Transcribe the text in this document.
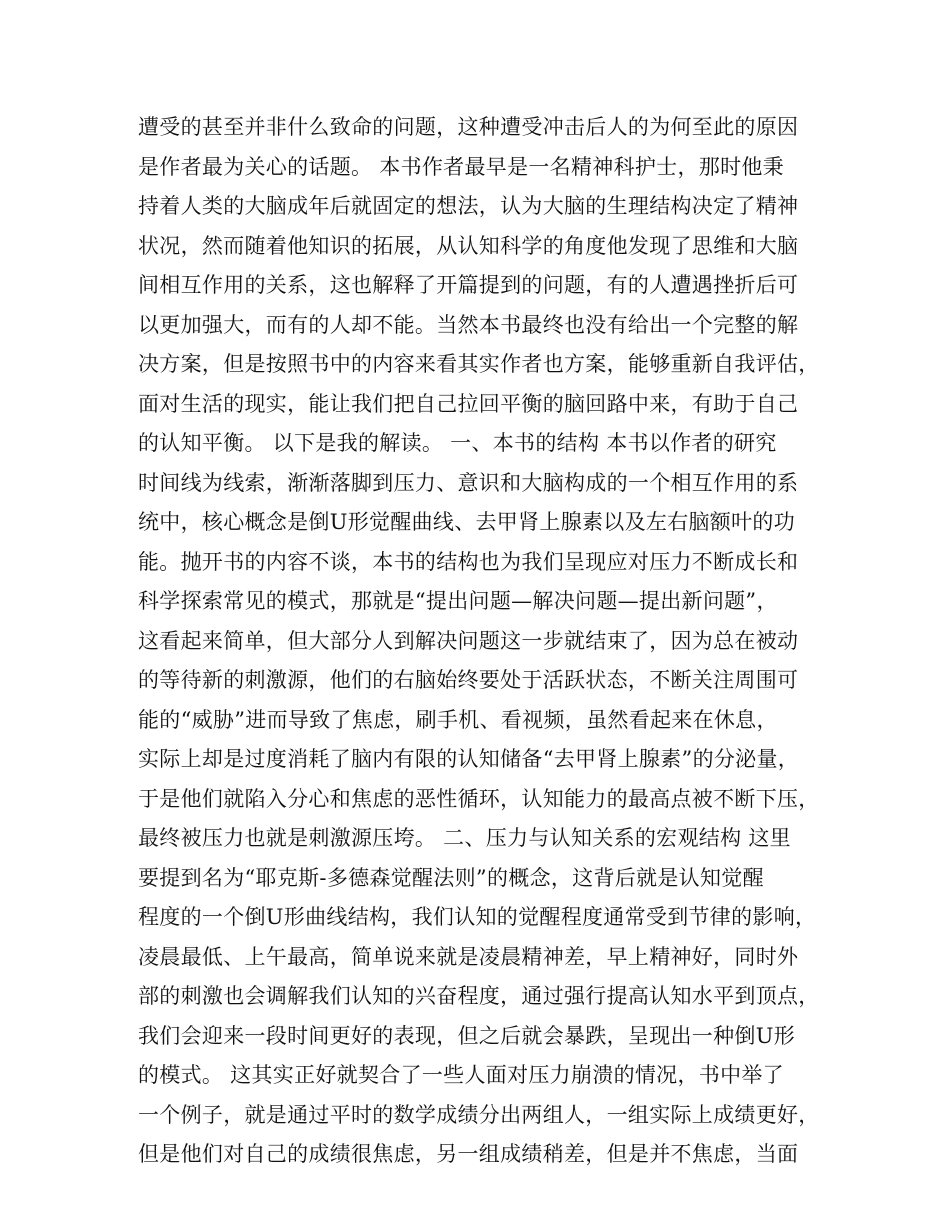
遭受的甚至并非什么致命的问题，这种遭受冲击后人的为何至此的原因
是作者最为关心的话题。 本书作者最早是一名精神科护士，那时他秉
持着人类的大脑成年后就固定的想法，认为大脑的生理结构决定了精神
状况，然而随着他知识的拓展，从认知科学的角度他发现了思维和大脑
间相互作用的关系，这也解释了开篇提到的问题，有的人遭遇挫折后可
以更加强大，而有的人却不能。当然本书最终也没有给出一个完整的解
决方案，但是按照书中的内容来看其实作者也方案，能够重新自我评估，
面对生活的现实，能让我们把自己拉回平衡的脑回路中来，有助于自己
的认知平衡。 以下是我的解读。 一、本书的结构 本书以作者的研究
时间线为线索，渐渐落脚到压力、意识和大脑构成的一个相互作用的系
统中，核心概念是倒U形觉醒曲线、去甲肾上腺素以及左右脑额叶的功
能。抛开书的内容不谈，本书的结构也为我们呈现应对压力不断成长和
科学探索常见的模式，那就是“提出问题—解决问题—提出新问题”，
这看起来简单，但大部分人到解决问题这一步就结束了，因为总在被动
的等待新的刺激源，他们的右脑始终要处于活跃状态，不断关注周围可
能的“威胁”进而导致了焦虑，刷手机、看视频，虽然看起来在休息，
实际上却是过度消耗了脑内有限的认知储备“去甲肾上腺素”的分泌量，
于是他们就陷入分心和焦虑的恶性循环，认知能力的最高点被不断下压，
最终被压力也就是刺激源压垮。 二、压力与认知关系的宏观结构 这里
要提到名为“耶克斯-多德森觉醒法则”的概念，这背后就是认知觉醒
程度的一个倒U形曲线结构，我们认知的觉醒程度通常受到节律的影响，
凌晨最低、上午最高，简单说来就是凌晨精神差，早上精神好，同时外
部的刺激也会调解我们认知的兴奋程度，通过强行提高认知水平到顶点，
我们会迎来一段时间更好的表现，但之后就会暴跌，呈现出一种倒U形
的模式。 这其实正好就契合了一些人面对压力崩溃的情况，书中举了
一个例子，就是通过平时的数学成绩分出两组人，一组实际上成绩更好，
但是他们对自己的成绩很焦虑，另一组成绩稍差，但是并不焦虑，当面
